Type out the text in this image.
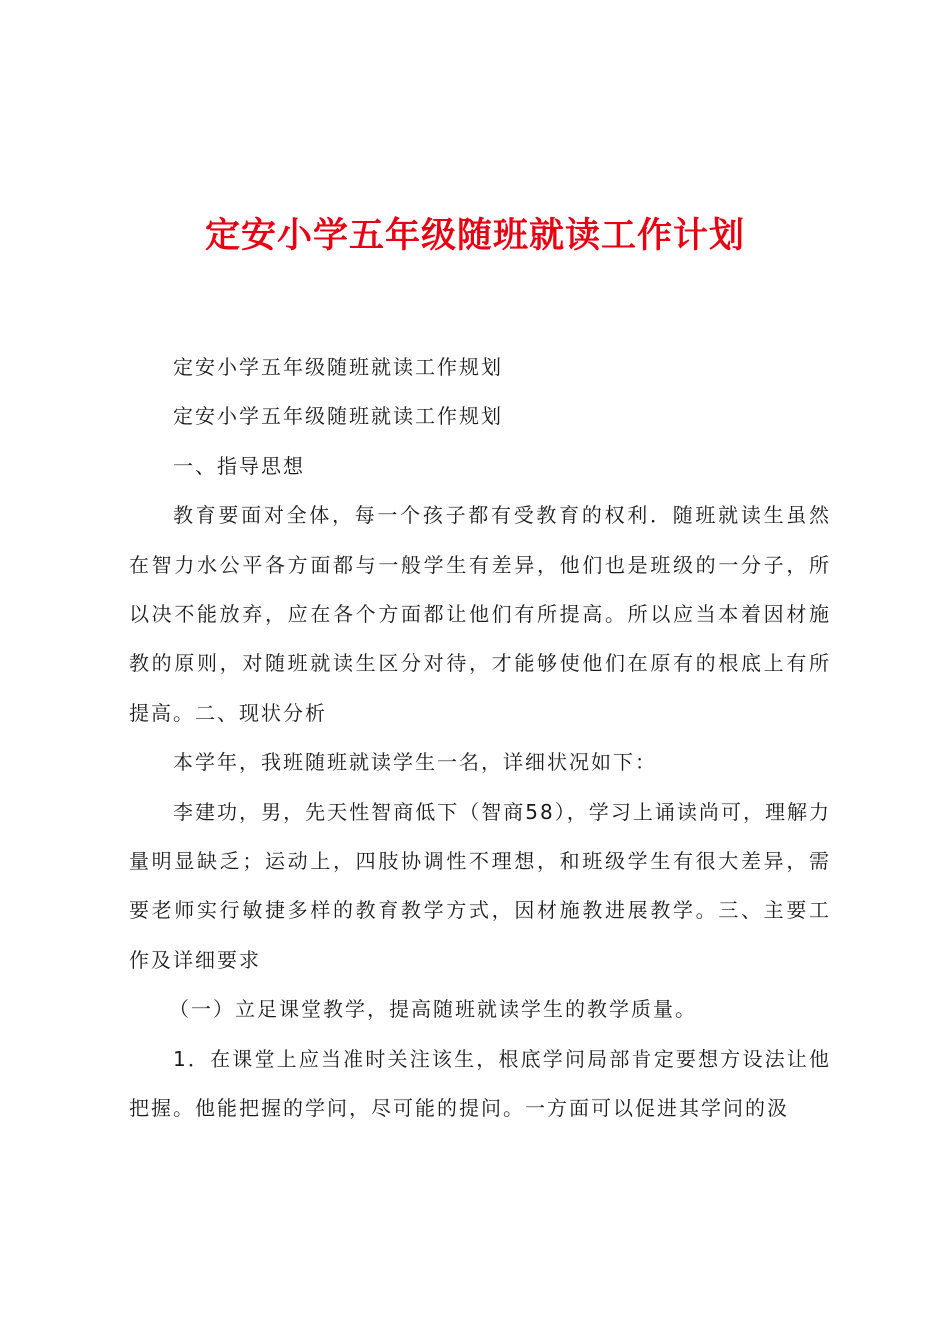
定安小学五年级随班就读工作计划

定安小学五年级随班就读工作规划

定安小学五年级随班就读工作规划

一、指导思想

教育要面对全体，每一个孩子都有受教育的权利．随班就读生虽然在智力水公平各方面都与一般学生有差异，他们也是班级的一分子，所以决不能放弃，应在各个方面都让他们有所提高。所以应当本着因材施教的原则，对随班就读生区分对待，才能够使他们在原有的根底上有所提高。二、现状分析

本学年，我班随班就读学生一名，详细状况如下：

李建功，男，先天性智商低下（智商58），学习上诵读尚可，理解力量明显缺乏；运动上，四肢协调性不理想，和班级学生有很大差异，需要老师实行敏捷多样的教育教学方式，因材施教进展教学。三、主要工作及详细要求

（一）立足课堂教学，提高随班就读学生的教学质量。

1．在课堂上应当准时关注该生，根底学问局部肯定要想方设法让他把握。他能把握的学问，尽可能的提问。一方面可以促进其学问的汲
